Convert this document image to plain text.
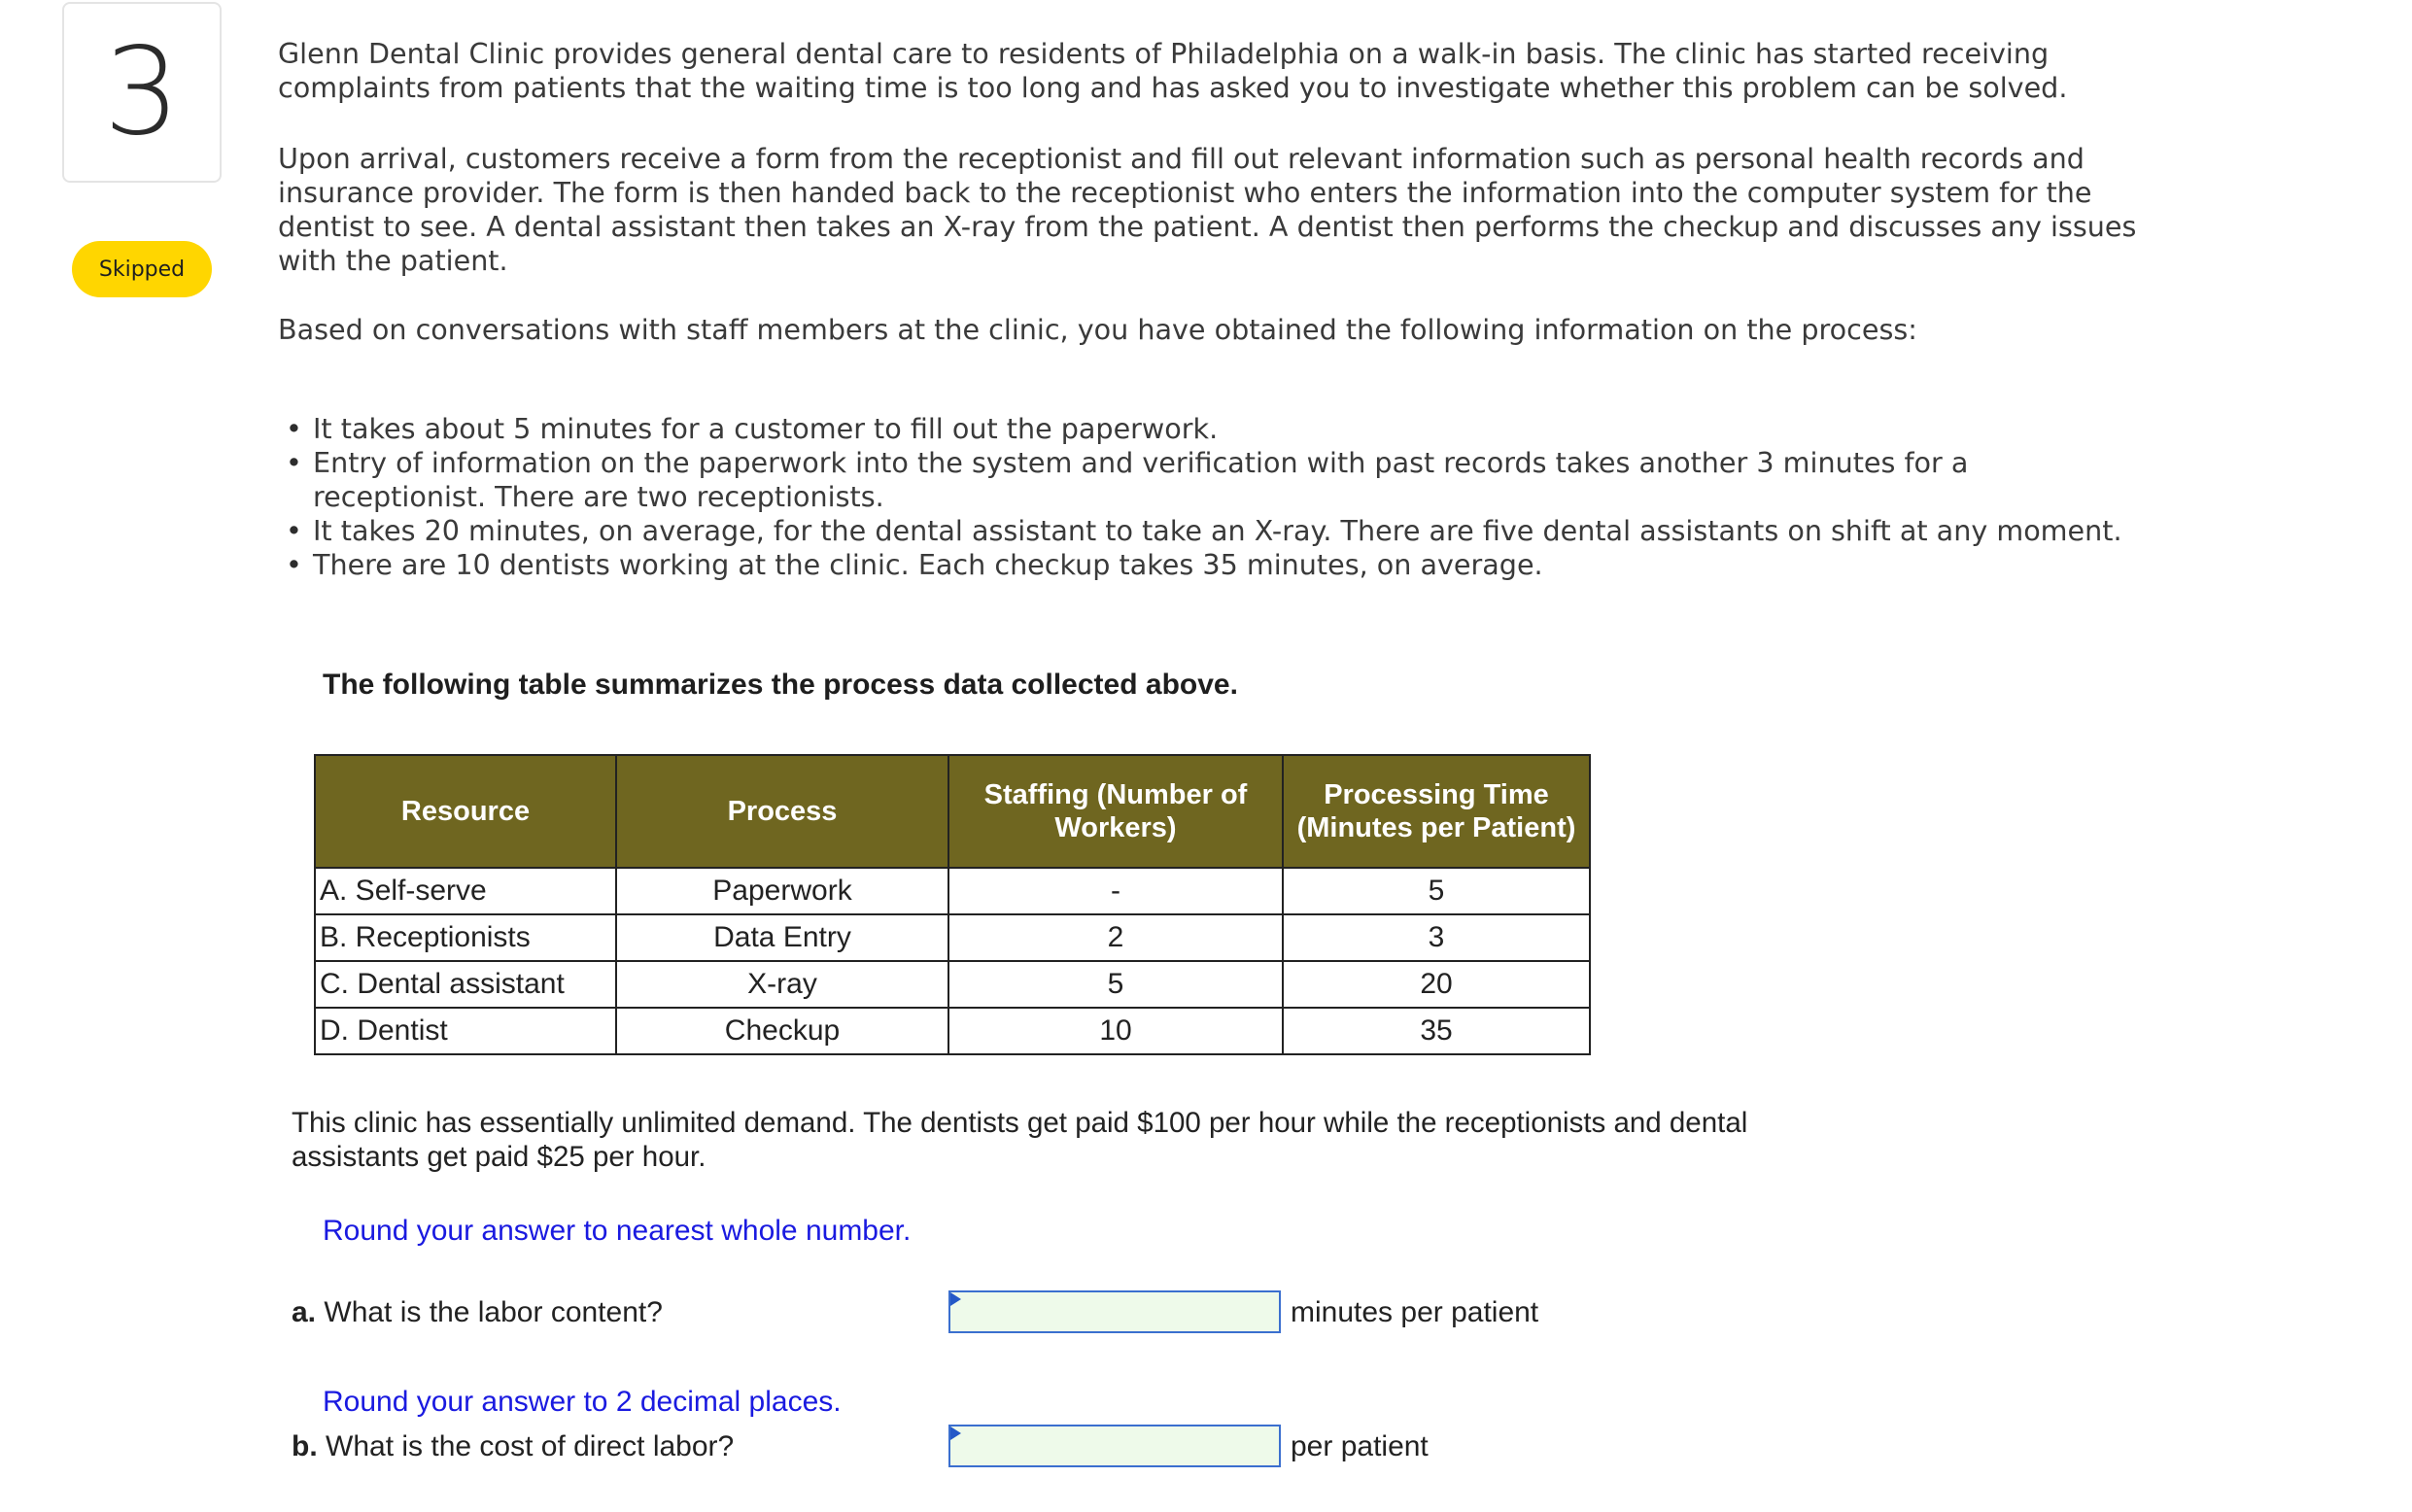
3
Skipped

Glenn Dental Clinic provides general dental care to residents of Philadelphia on a walk-in basis. The clinic has started receiving complaints from patients that the waiting time is too long and has asked you to investigate whether this problem can be solved.

Upon arrival, customers receive a form from the receptionist and fill out relevant information such as personal health records and insurance provider. The form is then handed back to the receptionist who enters the information into the computer system for the dentist to see. A dental assistant then takes an X-ray from the patient. A dentist then performs the checkup and discusses any issues with the patient.

Based on conversations with staff members at the clinic, you have obtained the following information on the process:

• It takes about 5 minutes for a customer to fill out the paperwork.
• Entry of information on the paperwork into the system and verification with past records takes another 3 minutes for a receptionist. There are two receptionists.
• It takes 20 minutes, on average, for the dental assistant to take an X-ray. There are five dental assistants on shift at any moment.
• There are 10 dentists working at the clinic. Each checkup takes 35 minutes, on average.
The following table summarizes the process data collected above.
Resource	Process	Staffing (Number of Workers)	Processing Time (Minutes per Patient)
A. Self-serve	Paperwork	-	5
B. Receptionists	Data Entry	2	3
C. Dental assistant	X-ray	5	20
D. Dentist	Checkup	10	35

This clinic has essentially unlimited demand. The dentists get paid $100 per hour while the receptionists and dental assistants get paid $25 per hour.

Round your answer to nearest whole number.
a. What is the labor content?	minutes per patient
Round your answer to 2 decimal places.
b. What is the cost of direct labor?	per patient
